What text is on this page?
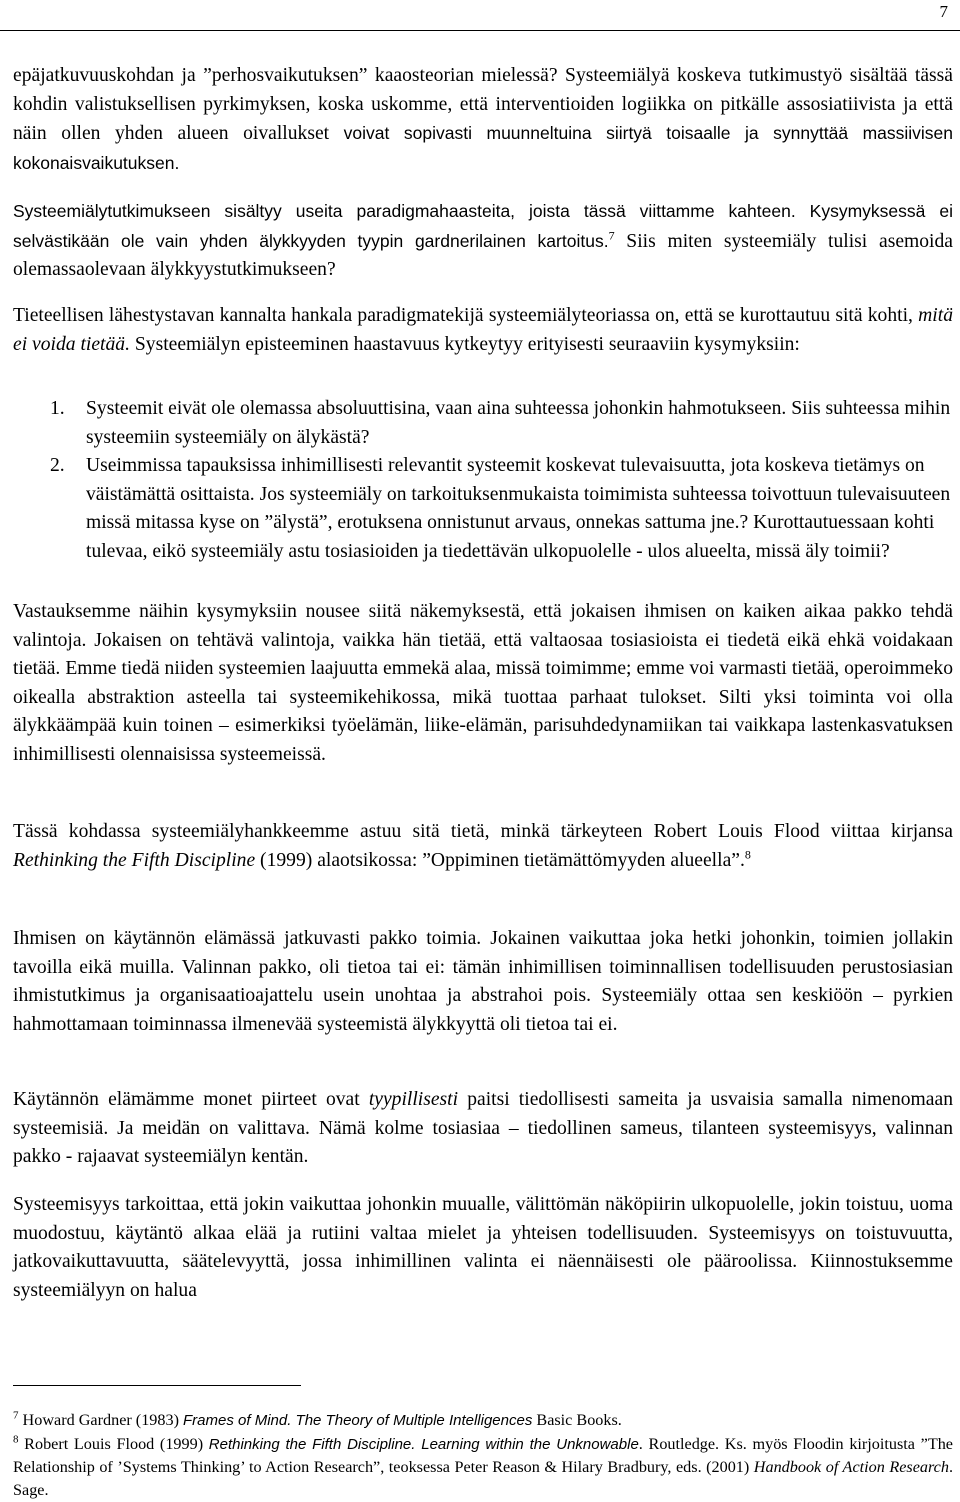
7

epäjatkuvuuskohdan ja ”perhosvaikutuksen” kaaosteorian mielessä? Systeemiälyä koskeva tutkimustyö sisältää tässä kohdin valistuksellisen pyrkimyksen, koska uskomme, että interventioiden logiikka on pitkälle assosiatiivista ja että näin ollen yhden alueen oivallukset voivat sopivasti muunneltuina siirtyä toisaalle ja synnyttää massiivisen kokonaisvaikutuksen.

Systeemiälytutkimukseen sisältyy useita paradigmahaasteita, joista tässä viittamme kahteen. Kysymyksessä ei selvästikään ole vain yhden älykkyyden tyypin gardnerilainen kartoitus.$^7$ Siis miten systeemiäly tulisi asemoida olemassaolevaan älykkyystutkimukseen?

Tieteellisen lähestystavan kannalta hankala paradigmatekijä systeemiälyteoriassa on, että se kurottautuu sitä kohti, mitä ei voida tietää. Systeemiälyn episteeminen haastavuus kytkeytyy erityisesti seuraaviin kysymyksiin:

1. Systeemit eivät ole olemassa absoluuttisina, vaan aina suhteessa johonkin hahmotukseen. Siis suhteessa mihin systeemiin systeemiäly on älykästä?
2. Useimmissa tapauksissa inhimillisesti relevantit systeemit koskevat tulevaisuutta, jota koskeva tietämys on väistämättä osittaista. Jos systeemiäly on tarkoituksenmukaista toimimista suhteessa toivottuun tulevaisuuteen missä mitassa kyse on ”älystä”, erotuksena onnistunut arvaus, onnekas sattuma jne.? Kurottautuessaan kohti tulevaa, eikö systeemiäly astu tosiasioiden ja tiedettävän ulkopuolelle - ulos alueelta, missä äly toimii?

Vastauksemme näihin kysymyksiin nousee siitä näkemyksestä, että jokaisen ihmisen on kaiken aikaa pakko tehdä valintoja. Jokaisen on tehtävä valintoja, vaikka hän tietää, että valtaosaa tosiasioista ei tiedetä eikä ehkä voidakaan tietää. Emme tiedä niiden systeemien laajuutta emmekä alaa, missä toimimme; emme voi varmasti tietää, operoimmeko oikealla abstraktion asteella tai systeemikehikossa, mikä tuottaa parhaat tulokset. Silti yksi toiminta voi olla älykkäämpää kuin toinen – esimerkiksi työelämän, liike-elämän, parisuhdedynamiikan tai vaikkapa lastenkasvatuksen inhimillisesti olennaisissa systeemeissä.

Tässä kohdassa systeemiälyhankkeemme astuu sitä tietä, minkä tärkeyteen Robert Louis Flood viittaa kirjansa Rethinking the Fifth Discipline (1999) alaotsikossa: ”Oppiminen tietämättömyyden alueella”.$^8$

Ihmisen on käytännön elämässä jatkuvasti pakko toimia. Jokainen vaikuttaa joka hetki johonkin, toimien jollakin tavoilla eikä muilla. Valinnan pakko, oli tietoa tai ei: tämän inhimillisen toiminnallisen todellisuuden perustosiasian ihmistutkimus ja organisaatioajattelu usein unohtaa ja abstrahoi pois. Systeemiäly ottaa sen keskiöön – pyrkien hahmottamaan toiminnassa ilmenevää systeemistä älykkyyttä oli tietoa tai ei.

Käytännön elämämme monet piirteet ovat tyypillisesti paitsi tiedollisesti sameita ja usvaisia samalla nimenomaan systeemisiä. Ja meidän on valittava. Nämä kolme tosiasiaa – tiedollinen sameus, tilanteen systeemisyys, valinnan pakko - rajaavat systeemiälyn kentän.

Systeemisyys tarkoittaa, että jokin vaikuttaa johonkin muualle, välittömän näköpiirin ulkopuolelle, jokin toistuu, uoma muodostuu, käytäntö alkaa elää ja rutiini valtaa mielet ja yhteisen todellisuuden. Systeemisyys on toistuvuutta, jatkovaikuttavuutta, säätelevyyttä, jossa inhimillinen valinta ei näennäisesti ole pääroolissa. Kiinnostuksemme systeemiälyyn on halua

$^7$ Howard Gardner (1983) Frames of Mind. The Theory of Multiple Intelligences Basic Books.

$^8$ Robert Louis Flood (1999) Rethinking the Fifth Discipline. Learning within the Unknowable. Routledge. Ks. myös Floodin kirjoitusta ”The Relationship of ’Systems Thinking’ to Action Research”, teoksessa Peter Reason & Hilary Bradbury, eds. (2001) Handbook of Action Research. Sage.
